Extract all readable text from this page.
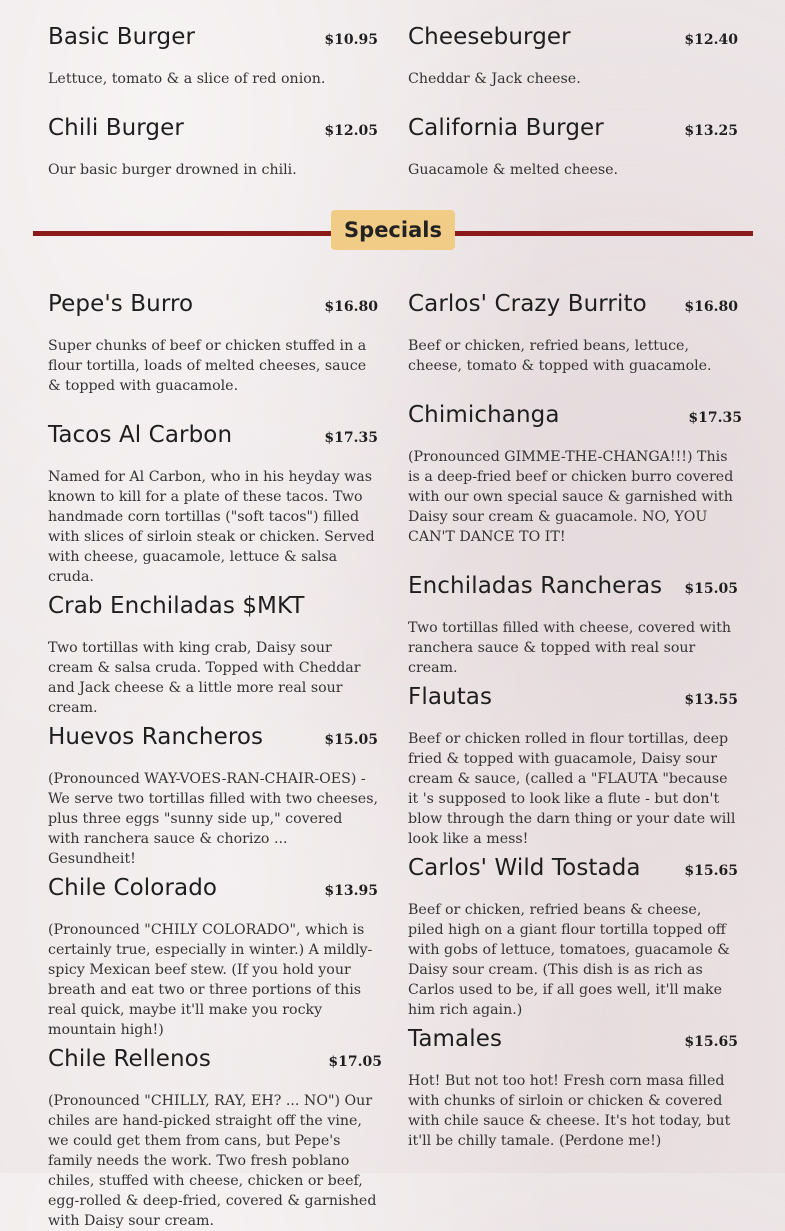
Basic Burger	$10.95
Lettuce, tomato & a slice of red onion.
Cheeseburger	$12.40
Cheddar & Jack cheese.
Chili Burger	$12.05
Our basic burger drowned in chili.
California Burger	$13.25
Guacamole & melted cheese.
Specials
Pepe's Burro	$16.80
Super chunks of beef or chicken stuffed in a flour tortilla, loads of melted cheeses, sauce & topped with guacamole.
Tacos Al Carbon	$17.35
Named for Al Carbon, who in his heyday was known to kill for a plate of these tacos. Two handmade corn tortillas ("soft tacos") filled with slices of sirloin steak or chicken. Served with cheese, guacamole, lettuce & salsa cruda.
Crab Enchiladas $MKT
Two tortillas with king crab, Daisy sour cream & salsa cruda. Topped with Cheddar and Jack cheese & a little more real sour cream.
Huevos Rancheros	$15.05
(Pronounced WAY-VOES-RAN-CHAIR-OES) - We serve two tortillas filled with two cheeses, plus three eggs "sunny side up," covered with ranchera sauce & chorizo ... Gesundheit!
Chile Colorado	$13.95
(Pronounced "CHILY COLORADO", which is certainly true, especially in winter.) A mildly-spicy Mexican beef stew. (If you hold your breath and eat two or three portions of this real quick, maybe it'll make you rocky mountain high!)
Chile Rellenos	$17.05
(Pronounced "CHILLY, RAY, EH? ... NO") Our chiles are hand-picked straight off the vine, we could get them from cans, but Pepe's family needs the work. Two fresh poblano chiles, stuffed with cheese, chicken or beef, egg-rolled & deep-fried, covered & garnished with Daisy sour cream.
Carlos' Crazy Burrito	$16.80
Beef or chicken, refried beans, lettuce, cheese, tomato & topped with guacamole.
Chimichanga	$17.35
(Pronounced GIMME-THE-CHANGA!!!) This is a deep-fried beef or chicken burro covered with our own special sauce & garnished with Daisy sour cream & guacamole. NO, YOU CAN'T DANCE TO IT!
Enchiladas Rancheras $15.05
Two tortillas filled with cheese, covered with ranchera sauce & topped with real sour cream.
Flautas	$13.55
Beef or chicken rolled in flour tortillas, deep fried & topped with guacamole, Daisy sour cream & sauce, (called a "FLAUTA "because it 's supposed to look like a flute - but don't blow through the darn thing or your date will look like a mess!
Carlos' Wild Tostada	$15.65
Beef or chicken, refried beans & cheese, piled high on a giant flour tortilla topped off with gobs of lettuce, tomatoes, guacamole & Daisy sour cream. (This dish is as rich as Carlos used to be, if all goes well, it'll make him rich again.)
Tamales	$15.65
Hot! But not too hot! Fresh corn masa filled with chunks of sirloin or chicken & covered with chile sauce & cheese. It's hot today, but it'll be chilly tamale. (Perdone me!)
